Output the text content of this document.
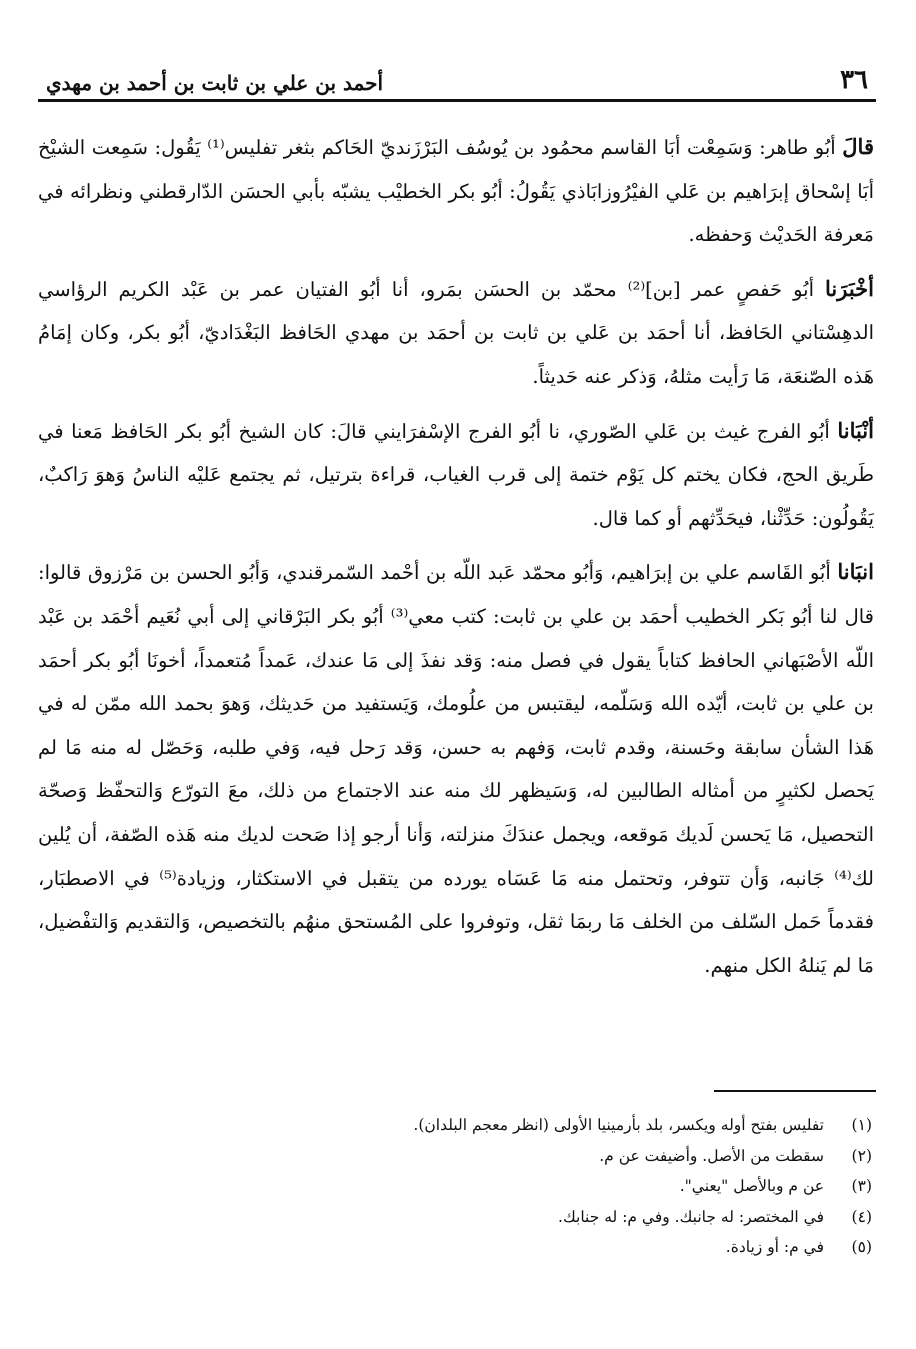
٣٦
أحمد بن علي بن ثابت بن أحمد بن مهدي

قالَ أبُو طاهر: وَسَمِعْت أبَا القاسم محمُود بن يُوسُف البَرْزَنديّ الحَاكم بثغر تفليس⁽¹⁾ يَقُول: سَمِعت الشيْخ أبَا إسْحاق إبرَاهيم بن عَلي الفيْرُوزابَاذي يَقُولُ: أبُو بكر الخطيْب يشبّه بأبي الحسَن الدّارقطني ونظرائه في مَعرفة الحَديْث وَحفظه.

أخْبَرَنا أبُو حَفصٍ عمر [بن]⁽²⁾ محمّد بن الحسَن بمَرو، أنا أبُو الفتيان عمر بن عَبْد الكريم الرؤاسي الدهِسْتاني الحَافظ، أنا أحمَد بن عَلي بن ثابت بن أحمَد بن مهدي الحَافظ البَغْدَاديّ، أبُو بكر، وكان إمَامُ هَذه الصّنعَة، مَا رَأيت مثلهُ، وَذكر عنه حَديثاً.

أنْبَانا أبُو الفرج غيث بن عَلي الصّوري، نا أبُو الفرج الإسْفرَايني قالَ: كان الشيخ أبُو بكر الحَافظ مَعنا في طَريق الحج، فكان يختم كل يَوْم ختمة إلى قرب الغياب، قراءة بترتيل، ثم يجتمع عَليْه الناسُ وَهوَ رَاكبٌ، يَقُولُون: حَدِّثْنا، فيحَدِّثهم أو كما قال.

انبَانا أبُو القَاسم علي بن إبرَاهيم، وَأبُو محمّد عَبد اللّه بن أحْمد السّمرقندي، وَأبُو الحسن بن مَرْزوق قالوا: قال لنا أبُو بَكر الخطيب أحمَد بن علي بن ثابت: كتب معي⁽³⁾ أبُو بكر البَرْقاني إلى أبي نُعَيم أحْمَد بن عَبْد اللّه الأصْبَهاني الحافظ كتاباً يقول في فصل منه: وَقد نفذَ إلى مَا عندك، عَمداً مُتعمداً، أخونَا أبُو بكر أحمَد بن علي بن ثابت، أيّده الله وَسَلّمه، ليقتبس من علُومك، وَيَستفيد من حَديثك، وَهوَ بحمد الله ممّن له في هَذا الشأن سابقة وحَسنة، وقدم ثابت، وَفهم به حسن، وَقد رَحل فيه، وَفي طلبه، وَحَصّل له منه مَا لم يَحصل لكثيرٍ من أمثاله الطالبين له، وَسَيظهر لك منه عند الاجتماع من ذلك، معَ التورّع وَالتحفّظ وَصحّة التحصيل، مَا يَحسن لَديك مَوقعه، ويجمل عندَكَ منزلته، وَأنا أرجو إذا صَحت لديك منه هَذه الصّفة، أن يُلين لك⁽⁴⁾ جَانبه، وَأن تتوفر، وتحتمل منه مَا عَسَاه يورده من يتقبل في الاستكثار، وزيادة⁽⁵⁾ في الاصطبَار، فقدماً حَمل السّلف من الخلف مَا ربمَا ثقل، وتوفروا على المُستحق منهُم بالتخصيص، وَالتقديم وَالتفْضيل، مَا لم يَنلهُ الكل منهم.

(١)
تفليس بفتح أوله ويكسر، بلد بأرمينيا الأولى (انظر معجم البلدان).
(٢)
سقطت من الأصل. وأضيفت عن م.
(٣)
عن م وبالأصل "يعني".
(٤)
في المختصر: له جانبك. وفي م: له جنابك.
(٥)
في م: أو زيادة.
